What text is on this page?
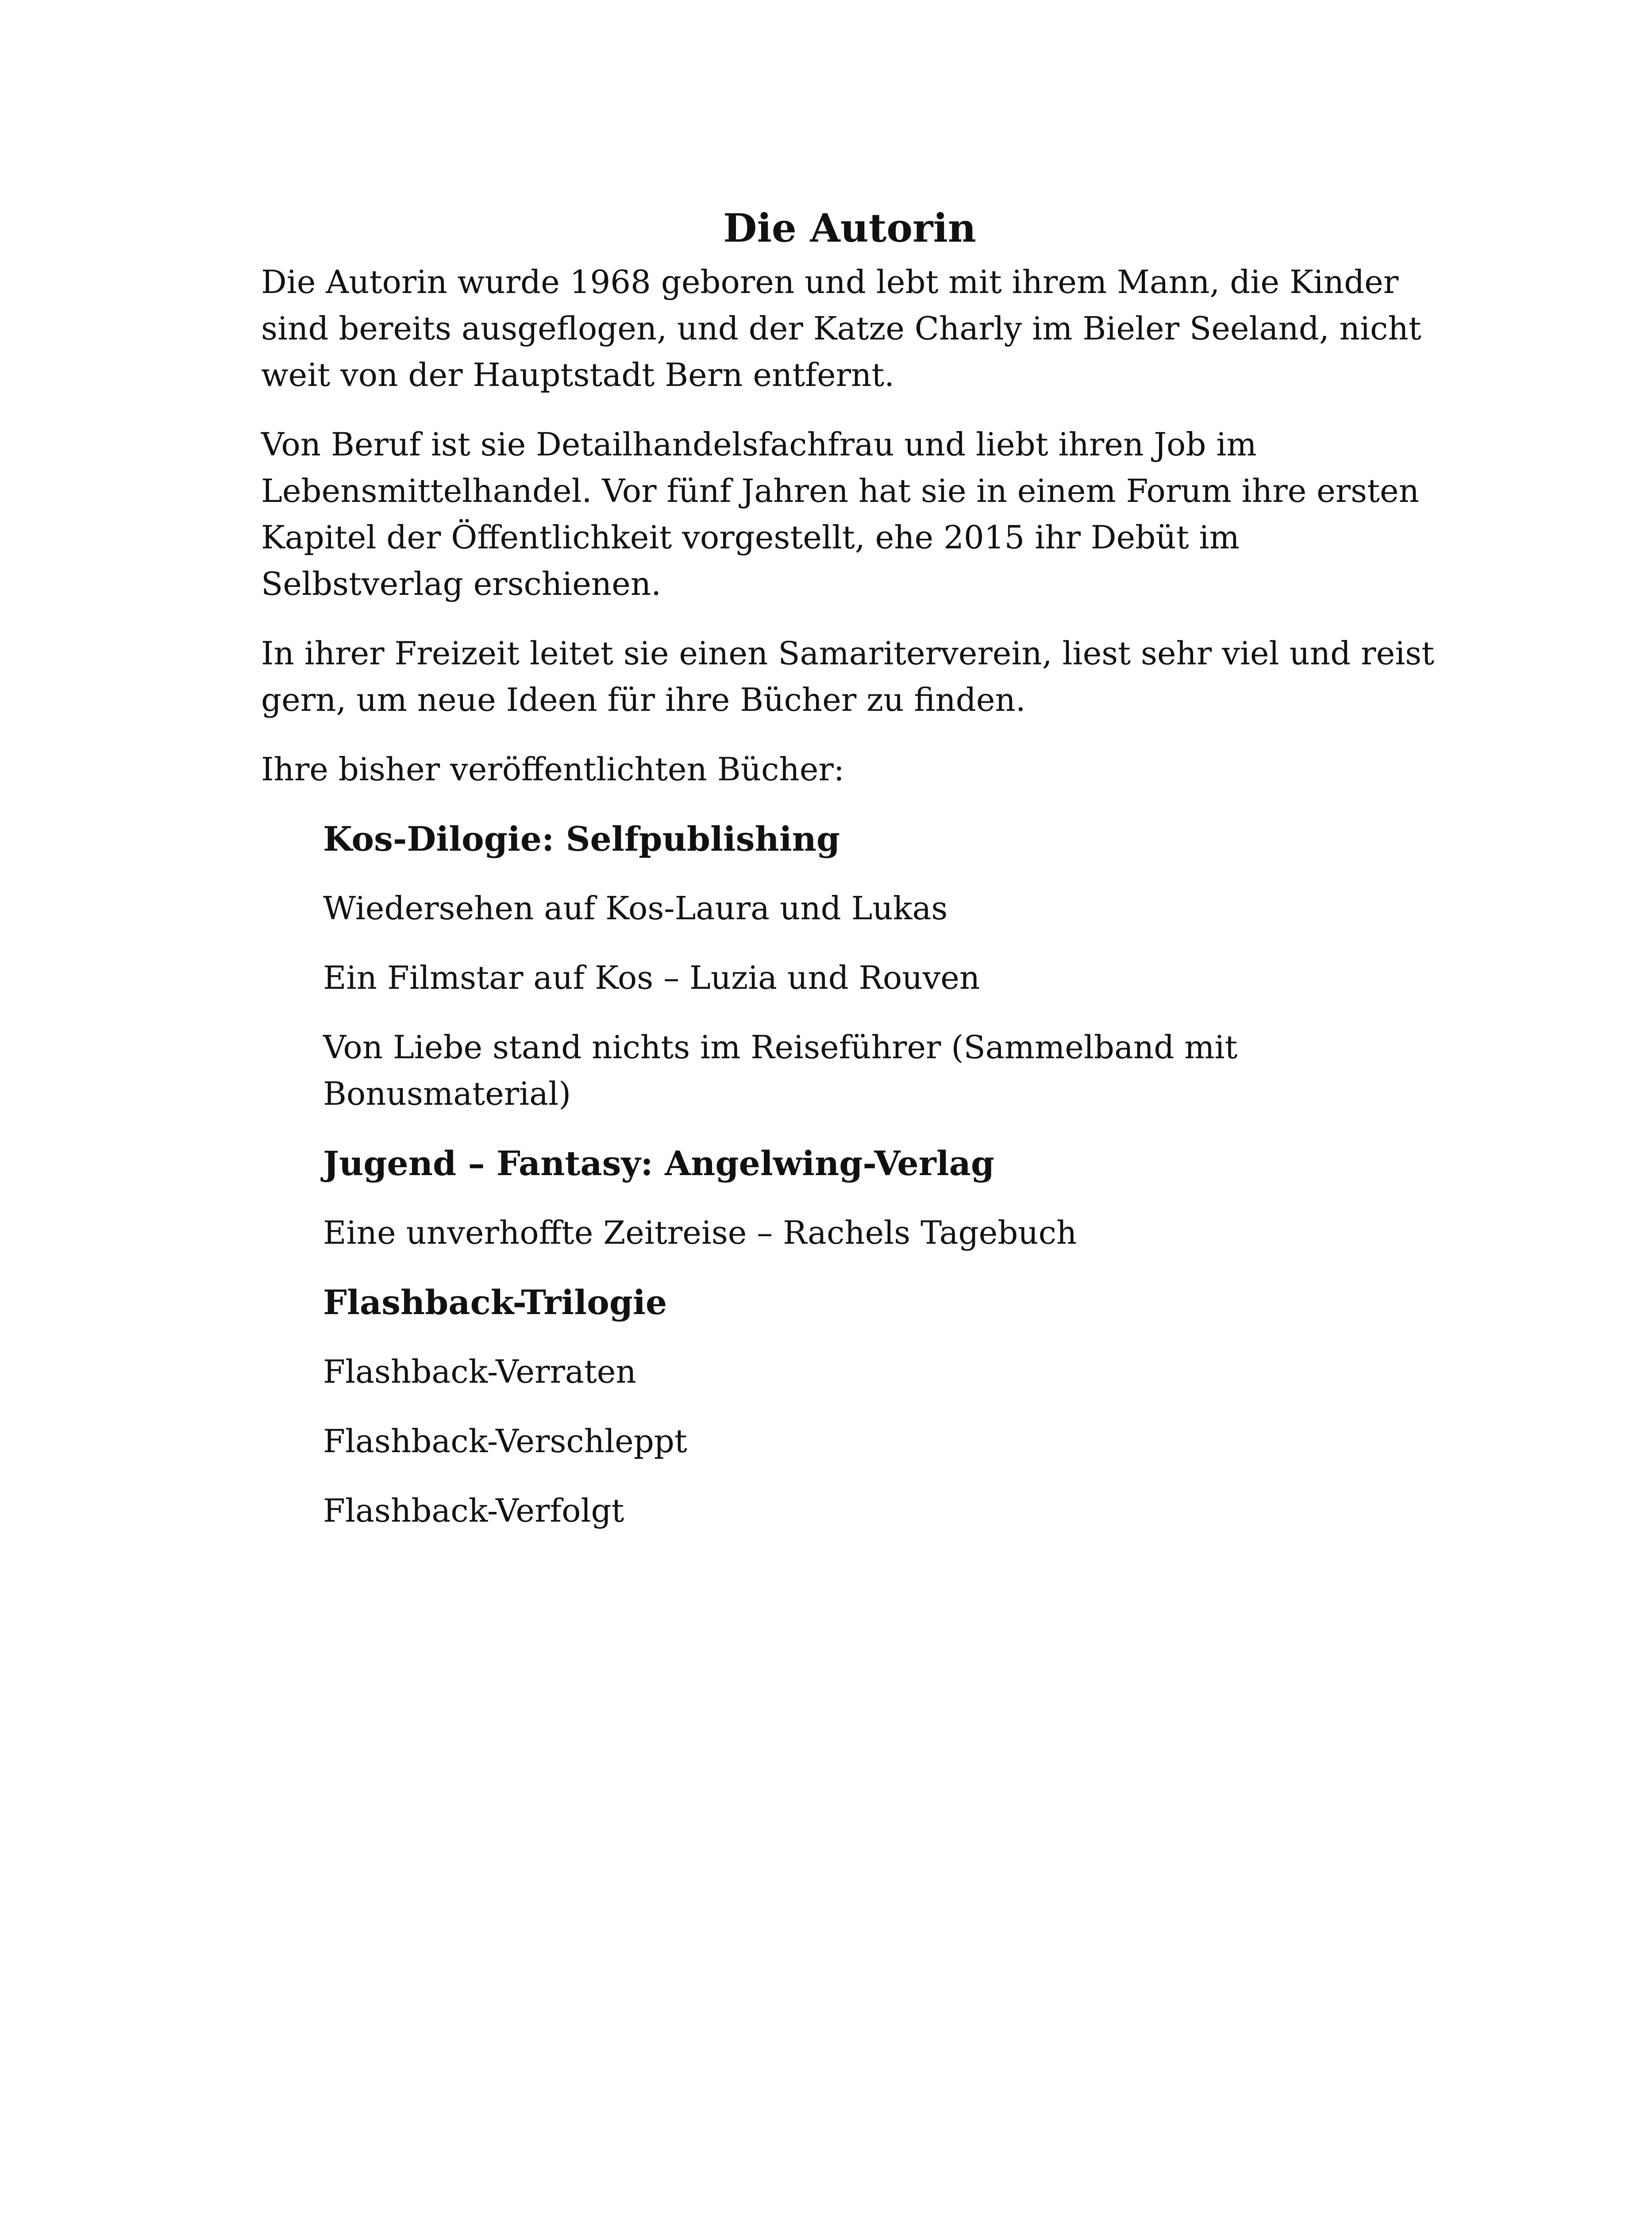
Die Autorin

Die Autorin wurde 1968 geboren und lebt mit ihrem Mann, die Kinder sind bereits ausgeflogen, und der Katze Charly im Bieler Seeland, nicht weit von der Hauptstadt Bern entfernt.

Von Beruf ist sie Detailhandelsfachfrau und liebt ihren Job im Lebensmittelhandel. Vor fünf Jahren hat sie in einem Forum ihre ersten Kapitel der Öffentlichkeit vorgestellt, ehe 2015 ihr Debüt im Selbstverlag erschienen.

In ihrer Freizeit leitet sie einen Samariterverein, liest sehr viel und reist gern, um neue Ideen für ihre Bücher zu finden.

Ihre bisher veröffentlichten Bücher:

Kos-Dilogie: Selfpublishing
Wiedersehen auf Kos-Laura und Lukas
Ein Filmstar auf Kos – Luzia und Rouven
Von Liebe stand nichts im Reiseführer (Sammelband mit Bonusmaterial)
Jugend – Fantasy: Angelwing-Verlag
Eine unverhoffte Zeitreise – Rachels Tagebuch
Flashback-Trilogie
Flashback-Verraten
Flashback-Verschleppt
Flashback-Verfolgt
